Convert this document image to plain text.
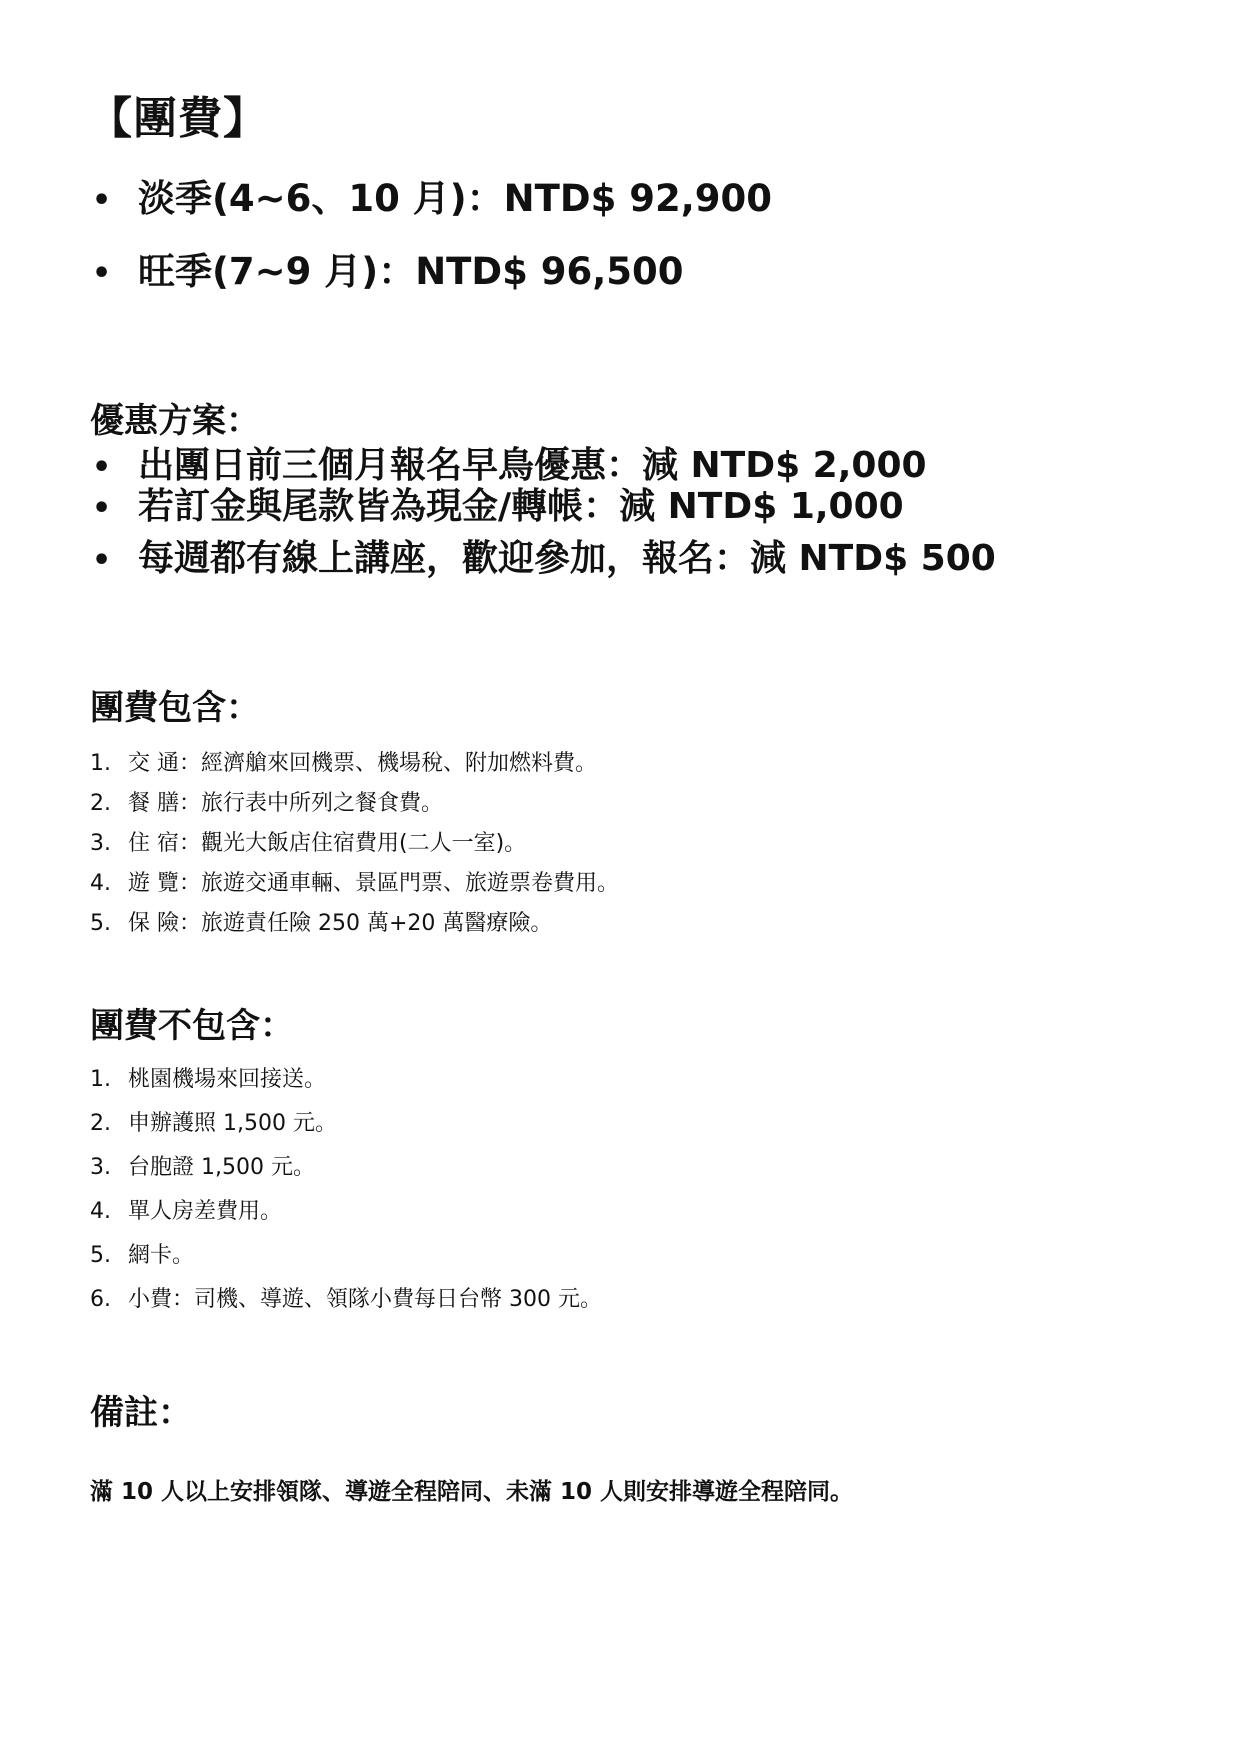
【團費】
• 淡季(4~6、10 月)：NTD$ 92,900
• 旺季(7~9 月)：NTD$ 96,500
優惠方案：
• 出團日前三個月報名早鳥優惠：減 NTD$ 2,000
• 若訂金與尾款皆為現金/轉帳：減 NTD$ 1,000
• 每週都有線上講座，歡迎參加，報名：減 NTD$ 500
團費包含：
1. 交 通：經濟艙來回機票、機場稅、附加燃料費。
2. 餐 膳：旅行表中所列之餐食費。
3. 住 宿：觀光大飯店住宿費用(二人一室)。
4. 遊 覽：旅遊交通車輛、景區門票、旅遊票卷費用。
5. 保 險：旅遊責任險 250 萬+20 萬醫療險。
團費不包含：
1. 桃園機場來回接送。
2. 申辦護照 1,500 元。
3. 台胞證 1,500 元。
4. 單人房差費用。
5. 網卡。
6. 小費：司機、導遊、領隊小費每日台幣 300 元。
備註：
滿 10 人以上安排領隊、導遊全程陪同、未滿 10 人則安排導遊全程陪同。
